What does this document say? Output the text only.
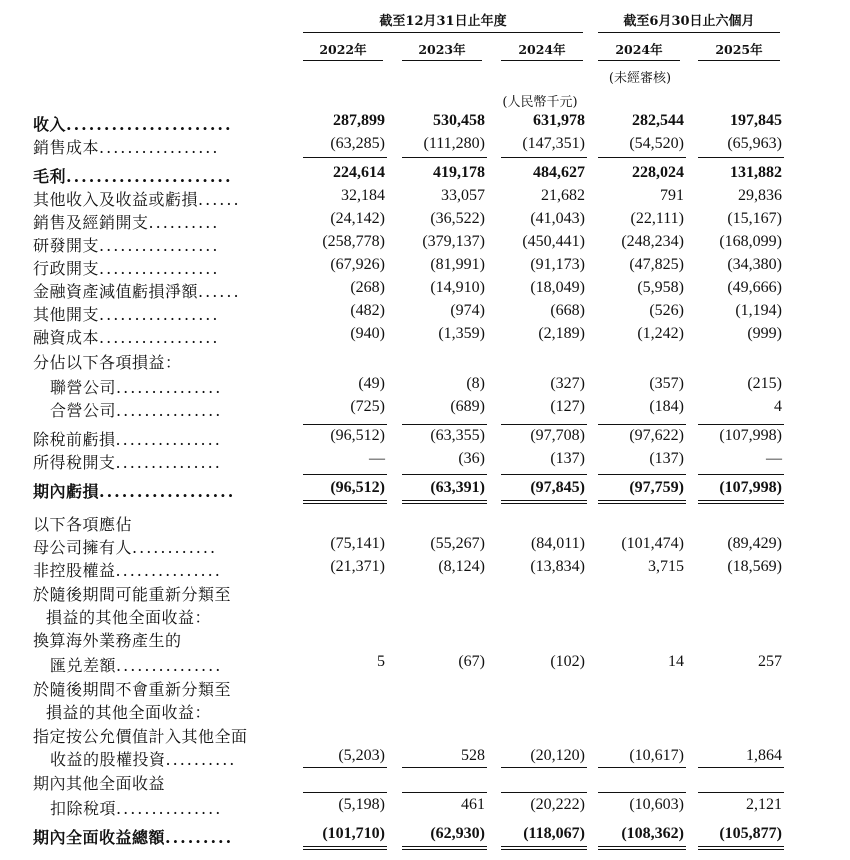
截至12月31日止年度	截至6月30日止六個月
2022年	2023年	2024年	2024年	2025年
(未經審核)
(人民幣千元)
收入......................	287,899	530,458	631,978	282,544	197,845
銷售成本.................	(63,285) (111,280) (147,351)	(54,520)	(65,963)
毛利......................	224,614	419,178	484,627	228,024	131,882
其他收入及收益或虧損......	32,184	33,057	21,682	791	29,836
銷售及經銷開支..........	(24,142)	(36,522)	(41,043)	(22,111)	(15,167)
研發開支.................	(258,778) (379,137) (450,441) (248,234) (168,099)
行政開支.................	(67,926)	(81,991)	(91,173)	(47,825)	(34,380)
金融資產減值虧損淨額......	(268)	(14,910)	(18,049)	(5,958)	(49,666)
其他開支.................	(482)	(974)	(668)	(526)	(1,194)
融資成本.................	(940)	(1,359)	(2,189)	(1,242)	(999)
分佔以下各項損益：
聯營公司...............	(49)	(8)	(327)	(357)	(215)
合營公司...............	(725)	(689)	(127)	(184)	4
除稅前虧損...............	(96,512)	(63,355)	(97,708)	(97,622) (107,998)
所得稅開支...............	—	(36)	(137)	(137)	—
期內虧損..................	(96,512)	(63,391)	(97,845)	(97,759) (107,998)
以下各項應佔
母公司擁有人............	(75,141)	(55,267)	(84,011) (101,474)	(89,429)
非控股權益...............	(21,371)	(8,124)	(13,834)	3,715	(18,569)
於隨後期間可能重新分類至
損益的其他全面收益：
換算海外業務產生的
匯兑差額...............	5	(67)	(102)	14	257
於隨後期間不會重新分類至
損益的其他全面收益：
指定按公允價值計入其他全面
收益的股權投資..........	(5,203)	528	(20,120)	(10,617)	1,864
期內其他全面收益
扣除稅項...............	(5,198)	461	(20,222)	(10,603)	2,121
期內全面收益總額.........	(101,710)	(62,930) (118,067) (108,362) (105,877)
